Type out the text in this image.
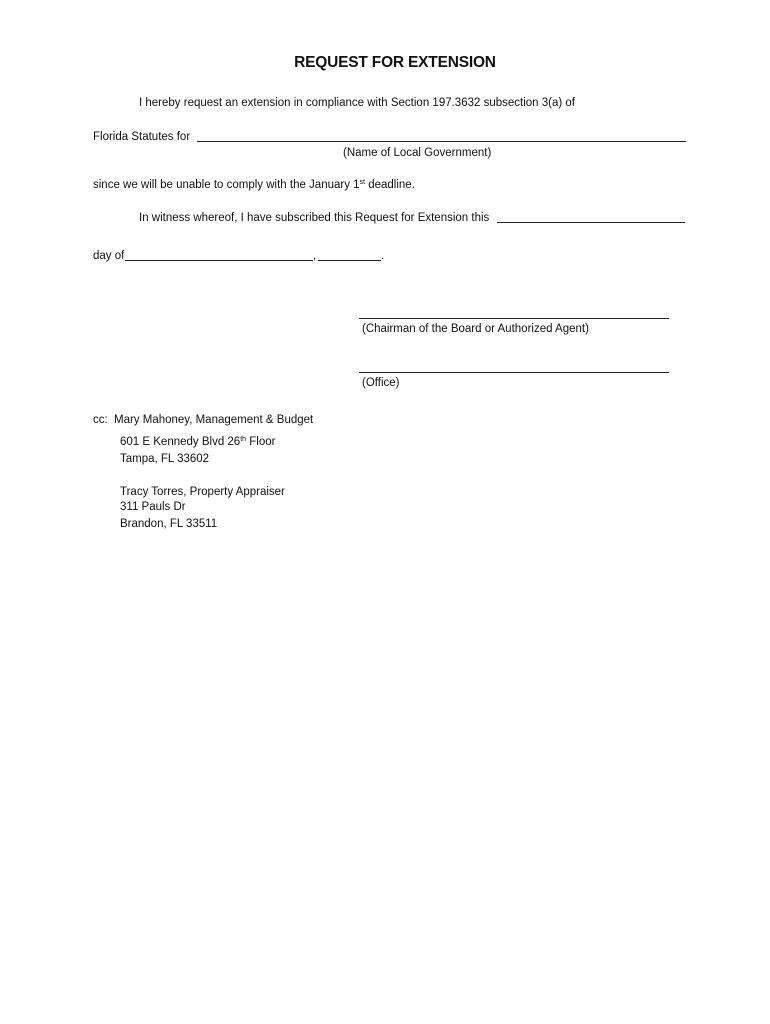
REQUEST FOR EXTENSION
I hereby request an extension in compliance with Section 197.3632 subsection 3(a) of
Florida Statutes for
(Name of Local Government)
since we will be unable to comply with the January 1st deadline.
In witness whereof, I have subscribed this Request for Extension this
day of	,	.
(Chairman of the Board or Authorized Agent)
(Office)
cc: Mary Mahoney, Management & Budget
601 E Kennedy Blvd 26th Floor
Tampa, FL 33602
Tracy Torres, Property Appraiser
311 Pauls Dr
Brandon, FL 33511
